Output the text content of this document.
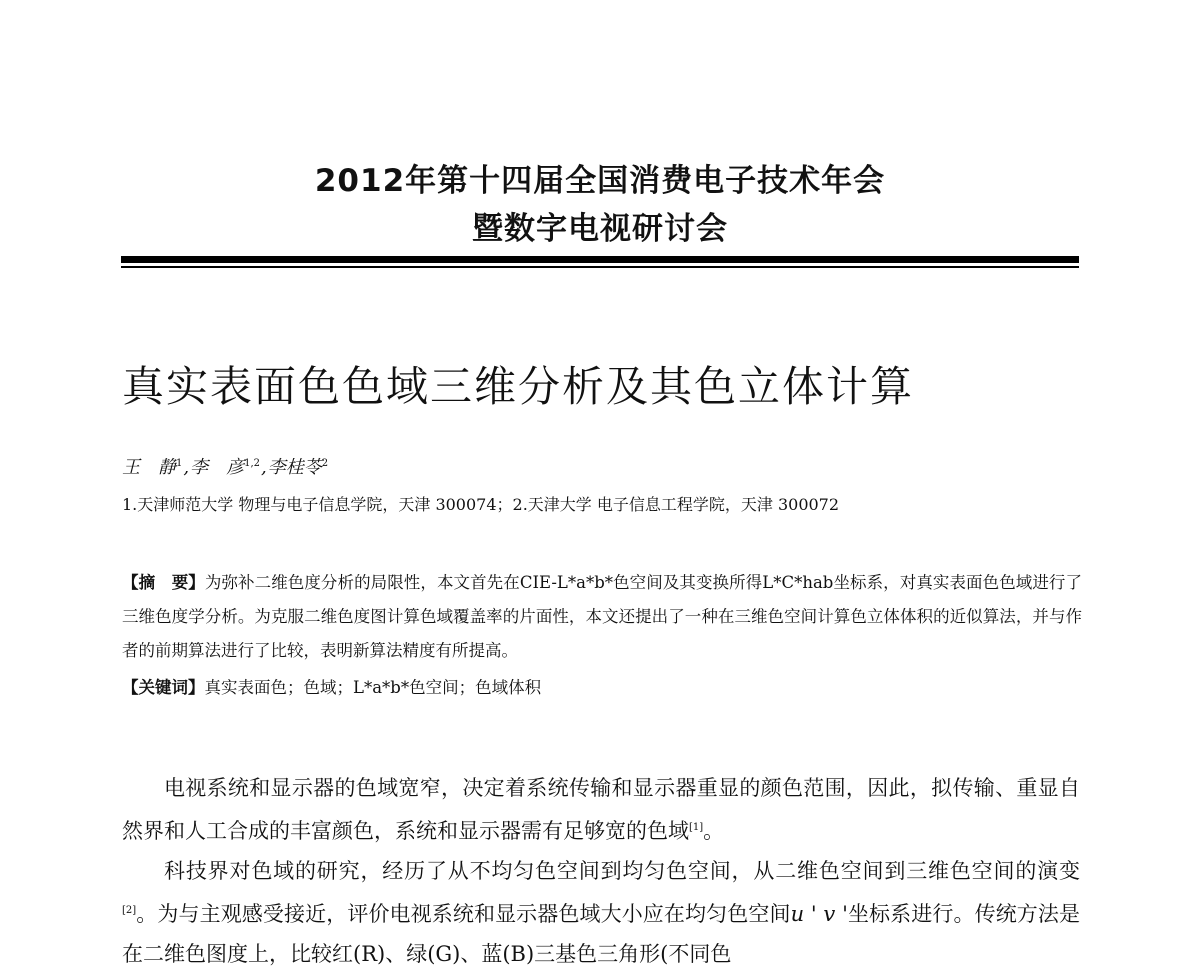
2012年第十四届全国消费电子技术年会
暨数字电视研讨会
真实表面色色域三维分析及其色立体计算
王　静$^1$,李　彦$^{1,2}$,李桂苓$^2$
1.天津师范大学 物理与电子信息学院，天津 300074；2.天津大学 电子信息工程学院，天津 300072

【摘　要】为弥补二维色度分析的局限性，本文首先在CIE-L*a*b*色空间及其变换所得L*C*hab坐标系，对真实表面色色域进行了三维色度学分析。为克服二维色度图计算色域覆盖率的片面性，本文还提出了一种在三维色空间计算色立体体积的近似算法，并与作者的前期算法进行了比较，表明新算法精度有所提高。

【关键词】真实表面色；色域；L*a*b*色空间；色域体积

电视系统和显示器的色域宽窄，决定着系统传输和显示器重显的颜色范围，因此，拟传输、重显自然界和人工合成的丰富颜色，系统和显示器需有足够宽的色域[1]。

科技界对色域的研究，经历了从不均匀色空间到均匀色空间，从二维色空间到三维色空间的演变[2]。为与主观感受接近，评价电视系统和显示器色域大小应在均匀色空间u ' v '坐标系进行。传统方法是在二维色图度上，比较红(R)、绿(G)、蓝(B)三基色三角形(不同色
